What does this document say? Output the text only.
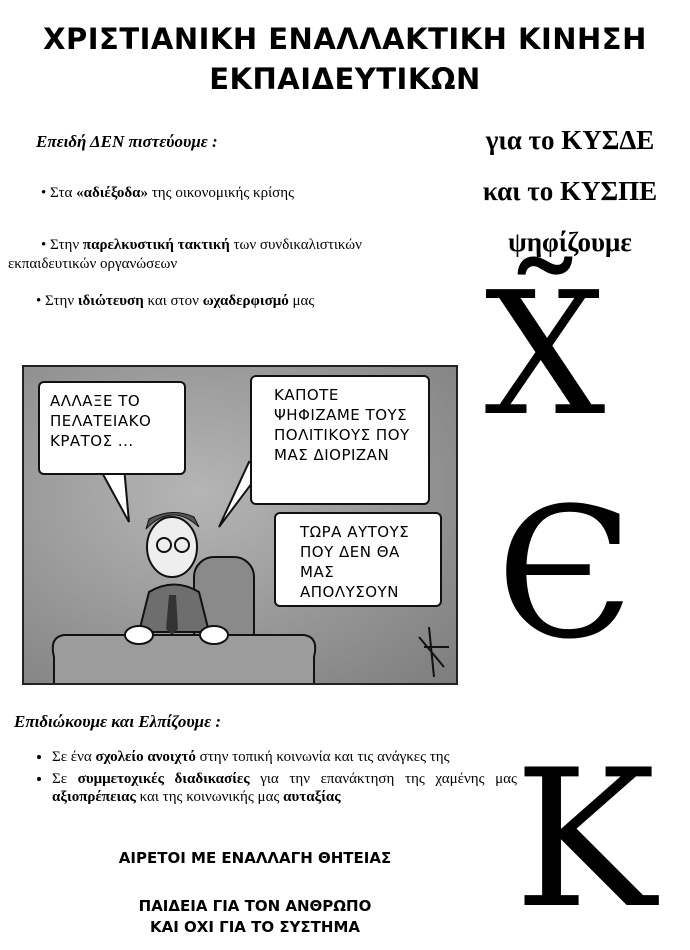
ΧΡΙΣΤΙΑΝΙΚΗ ΕΝΑΛΛΑΚΤΙΚΗ ΚΙΝΗΣΗ
ΕΚΠΑΙΔΕΥΤΙΚΩΝ
Επειδή ΔΕΝ πιστεύουμε :
• Στα «αδιέξοδα» της οικονομικής κρίσης
• Στην παρελκυστική τακτική των συνδικαλιστικών εκπαιδευτικών οργανώσεων
• Στην ιδιώτευση και στον ωχαδερφισμό μας
για το ΚΥΣΔΕ
και το ΚΥΣΠΕ
ψηφίζουμε
X̃
Є
K
ΑΛΛΑΞΕ ΤΟ ΠΕΛΑΤΕΙΑΚΟ ΚΡΑΤΟΣ ...
ΚΑΠΟΤΕ ΨΗΦΙΖΑΜΕ ΤΟΥΣ ΠΟΛΙΤΙΚΟΥΣ ΠΟΥ ΜΑΣ ΔΙΟΡΙΖΑΝ
ΤΩΡΑ ΑΥΤΟΥΣ ΠΟΥ ΔΕΝ ΘΑ ΜΑΣ ΑΠΟΛΥΣΟΥΝ
Επιδιώκουμε και Ελπίζουμε :
• Σε ένα σχολείο ανοιχτό στην τοπική κοινωνία και τις ανάγκες της
• Σε συμμετοχικές διαδικασίες για την επανάκτηση της χαμένης μας αξιοπρέπειας και της κοινωνικής μας αυταξίας
ΑΙΡΕΤΟΙ ΜΕ ΕΝΑΛΛΑΓΗ ΘΗΤΕΙΑΣ
ΠΑΙΔΕΙΑ ΓΙΑ ΤΟΝ ΑΝΘΡΩΠΟ
ΚΑΙ ΟΧΙ ΓΙΑ ΤΟ ΣΥΣΤΗΜΑ
